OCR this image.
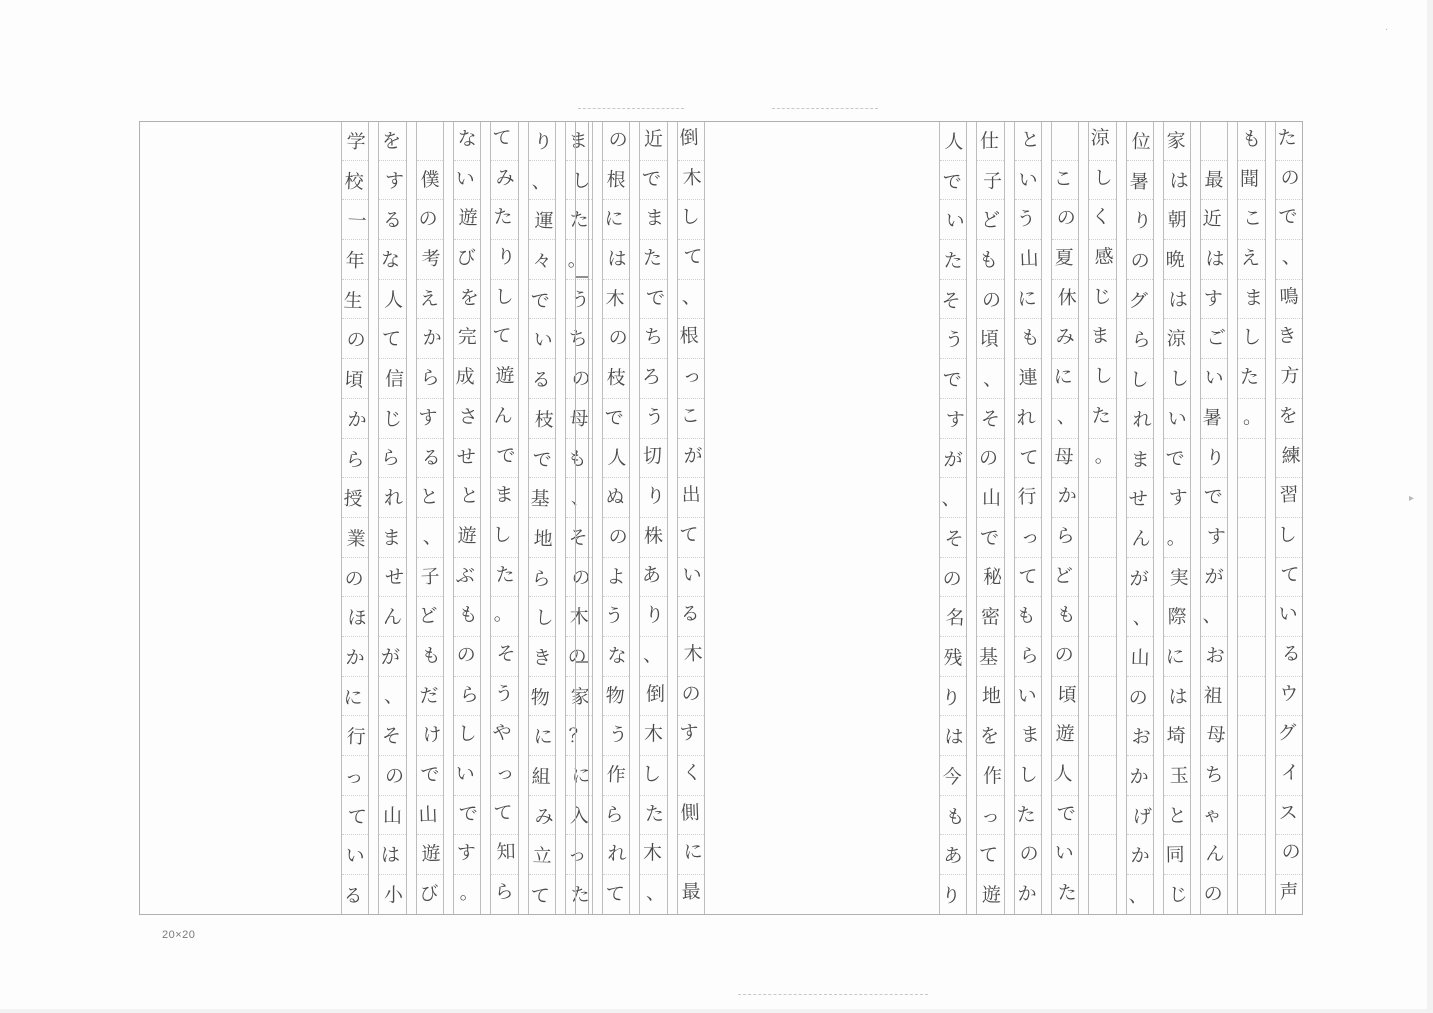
·
▸
た
の
で
、
鳴
き
方
を
練
習
し
て
い
る
ウ
グ
イ
ス
の
声
も
聞
こ
え
ま
し
た
。
最
近
は
す
ご
い
暑
り
で
す
が
、
お
祖
母
ち
ゃ
ん
の
家
は
朝
晩
は
涼
し
い
で
す
。
実
際
に
は
埼
玉
と
同
じ
位
暑
り
の
グ
ら
し
れ
ま
せ
ん
が
、
山
の
お
か
げ
か
、
涼
し
く
感
じ
ま
し
た
。
こ
の
夏
休
み
に
、
母
か
ら
ど
も
の
頃
遊
人
で
い
た
と
い
う
山
に
も
連
れ
て
行
っ
て
も
ら
い
ま
し
た
の
か
仕
子
ど
も
の
頃
、
そ
の
山
で
秘
密
基
地
を
作
っ
て
遊
人
で
い
た
そ
う
で
す
が
、
そ
の
名
残
り
は
今
も
あ
り
倒
木
し
て
、
根
っ
こ
が
出
て
い
る
木
の
す
く
側
に
最
近
で
ま
た
で
ち
ろ
う
切
り
株
あ
り
、
倒
木
し
た
木
、
の
根
に
は
木
の
枝
で
人
ぬ
の
よ
う
な
物
う
作
ら
れ
て
ま
し
た
。
う
ち
の
母
も
、
そ
の
木
の
家
？
に
入
っ
た
り
、
運
々
で
い
る
枝
で
基
地
ら
し
き
物
に
組
み
立
て
て
み
た
り
し
て
遊
ん
で
ま
し
た
。
そ
う
や
っ
て
知
ら
な
い
遊
び
を
完
成
さ
せ
と
遊
ぶ
も
の
ら
し
い
で
す
。
僕
の
考
え
か
ら
す
る
と
、
子
ど
も
だ
け
で
山
遊
び
を
す
る
な
人
て
信
じ
ら
れ
ま
せ
ん
が
、
そ
の
山
は
小
学
校
一
年
生
の
頃
か
ら
授
業
の
ほ
か
に
行
っ
て
い
る
20×20
